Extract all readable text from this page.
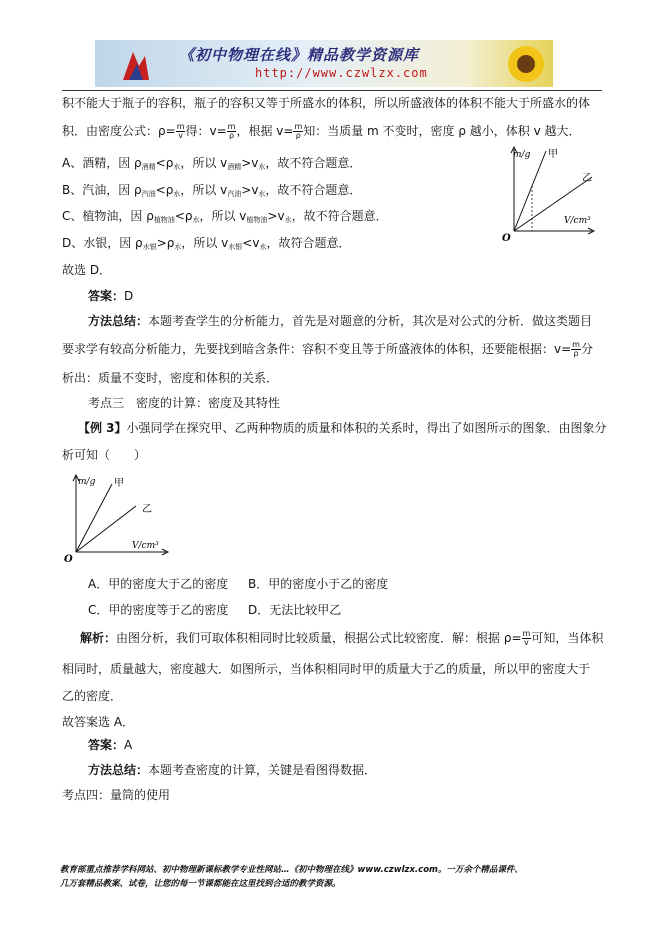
《初中物理在线》精品教学资源库
http://www.czwlzx.com
积不能大于瓶子的容积，瓶子的容积又等于所盛水的体积，所以所盛液体的体积不能大于所盛水的体
积．由密度公式：$\rho= \frac{m}{v}$ 得：$v= \frac{m}{\rho}$ ，根据 $v= \frac{m}{\rho}$ 知：当质量 m 不变时，密度 ρ 越小，体积 v 越大．
A、酒精，因 $\rho_{酒精}<\rho_水$，所以 $v_{酒精}>v_水$，故不符合题意．
B、汽油，因 $\rho_{汽油}<\rho_水$，所以 $v_{汽油}>v_水$，故不符合题意．
C、植物油，因 $\rho_{植物油}<\rho_水$，所以 $v_{植物油}>v_水$，故不符合题意．
D、水银，因 $\rho_{水银}>\rho_水$，所以 $v_{水银}<v_水$，故符合题意．
m/g
V/cm³
O
甲
乙
故选 D．
答案：D
方法总结：本题考查学生的分析能力，首先是对题意的分析，其次是对公式的分析．做这类题目
要求学有较高分析能力，先要找到暗含条件：容积不变且等于所盛液体的体积，还要能根据：$v= \frac{m}{\rho}$ 分
析出：质量不变时，密度和体积的关系．
考点三　密度的计算：密度及其特性
【例 3】小强同学在探究甲、乙两种物质的质量和体积的关系时，得出了如图所示的图象．由图象分
析可知（　　）
m/g
V/cm³
O
甲
乙
A．甲的密度大于乙的密度 B．甲的密度小于乙的密度
C．甲的密度等于乙的密度 D．无法比较甲乙
解析：由图分析，我们可取体积相同时比较质量，根据公式比较密度．解：根据 $\rho= \frac{m}{v}$ 可知，当体积
相同时，质量越大，密度越大．如图所示，当体积相同时甲的质量大于乙的质量，所以甲的密度大于
乙的密度．
故答案选 A．
答案：A
方法总结：本题考查密度的计算，关键是看图得数据．
考点四：量筒的使用
教育部重点推荐学科网站、初中物理新课标教学专业性网站…《初中物理在线》www.czwlzx.com。一万余个精品课件、
几万套精品教案、试卷，让您的每一节课都能在这里找到合适的教学资源。
